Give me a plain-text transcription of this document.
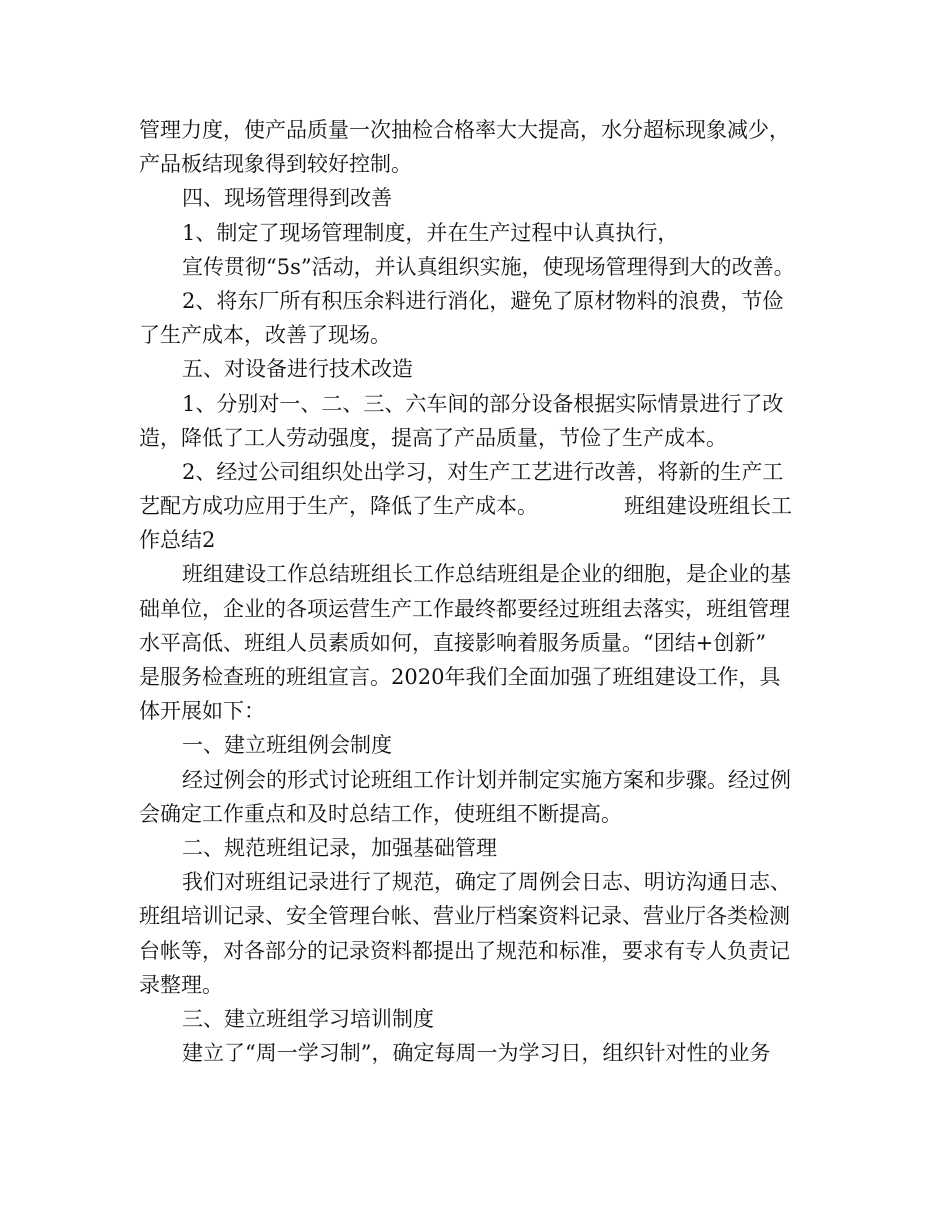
管理力度，使产品质量一次抽检合格率大大提高，水分超标现象减少，
产品板结现象得到较好控制。
四、现场管理得到改善
1、制定了现场管理制度，并在生产过程中认真执行，
宣传贯彻“5s”活动，并认真组织实施，使现场管理得到大的改善。
2、将东厂所有积压余料进行消化，避免了原材物料的浪费，节俭
了生产成本，改善了现场。
五、对设备进行技术改造
1、分别对一、二、三、六车间的部分设备根据实际情景进行了改
造，降低了工人劳动强度，提高了产品质量，节俭了生产成本。
2、经过公司组织处出学习，对生产工艺进行改善，将新的生产工
艺配方成功应用于生产，降低了生产成本。	班组建设班组长工
作总结2
班组建设工作总结班组长工作总结班组是企业的细胞，是企业的基
础单位，企业的各项运营生产工作最终都要经过班组去落实，班组管理
水平高低、班组人员素质如何，直接影响着服务质量。“团结+创新”
是服务检查班的班组宣言。2020年我们全面加强了班组建设工作，具
体开展如下：
一、建立班组例会制度
经过例会的形式讨论班组工作计划并制定实施方案和步骤。经过例
会确定工作重点和及时总结工作，使班组不断提高。
二、规范班组记录，加强基础管理
我们对班组记录进行了规范，确定了周例会日志、明访沟通日志、
班组培训记录、安全管理台帐、营业厅档案资料记录、营业厅各类检测
台帐等，对各部分的记录资料都提出了规范和标准，要求有专人负责记
录整理。
三、建立班组学习培训制度
建立了“周一学习制”，确定每周一为学习日，组织针对性的业务
